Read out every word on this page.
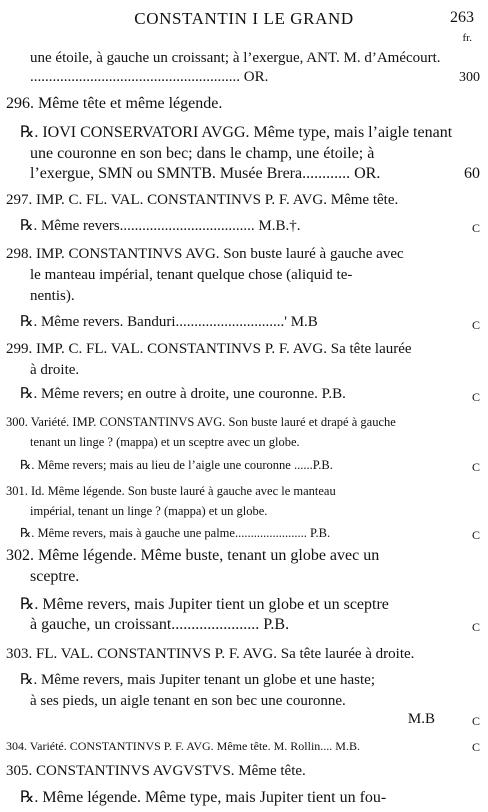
CONSTANTIN I LE GRAND	263
fr.
une étoile, à gauche un croissant; à l’exergue, ANT. M. d’Amécourt.
........................................................ OR.	300
296. Même tête et même légende.
℞. IOVI CONSERVATORI AVGG. Même type, mais l’aigle tenant
une couronne en son bec; dans le champ, une étoile; à
l’exergue, SMN ou SMNTB. Musée Brera............ OR.	60
297. IMP. C. FL. VAL. CONSTANTINVS P. F. AVG. Même tête.
℞. Même revers.................................... M.B.†.	C
298. IMP. CONSTANTINVS AVG. Son buste lauré à gauche avec
le manteau impérial, tenant quelque chose (aliquid te-
nentis).
℞. Même revers. Banduri.............................' M.B	C
299. IMP. C. FL. VAL. CONSTANTINVS P. F. AVG. Sa tête laurée
à droite.
℞. Même revers; en outre à droite, une couronne. P.B.	C
300. Variété. IMP. CONSTANTINVS AVG. Son buste lauré et drapé à gauche
tenant un linge ? (mappa) et un sceptre avec un globe.
℞. Même revers; mais au lieu de l’aigle une couronne ......P.B.	C
301. Id. Même légende. Son buste lauré à gauche avec le manteau
impérial, tenant un linge ? (mappa) et un globe.
℞. Même revers, mais à gauche une palme....................... P.B.	C
302. Même légende. Même buste, tenant un globe avec un
sceptre.
℞. Même revers, mais Jupiter tient un globe et un sceptre
à gauche, un croissant...................... P.B.	C
303. FL. VAL. CONSTANTINVS P. F. AVG. Sa tête laurée à droite.
℞. Même revers, mais Jupiter tenant un globe et une haste;
à ses pieds, un aigle tenant en son bec une couronne.
M.B	C
304. Variété. CONSTANTINVS P. F. AVG. Même tête. M. Rollin.... M.B.	C
305. CONSTANTINVS AVGVSTVS. Même tête.
℞. Même légende. Même type, mais Jupiter tient un fou-
